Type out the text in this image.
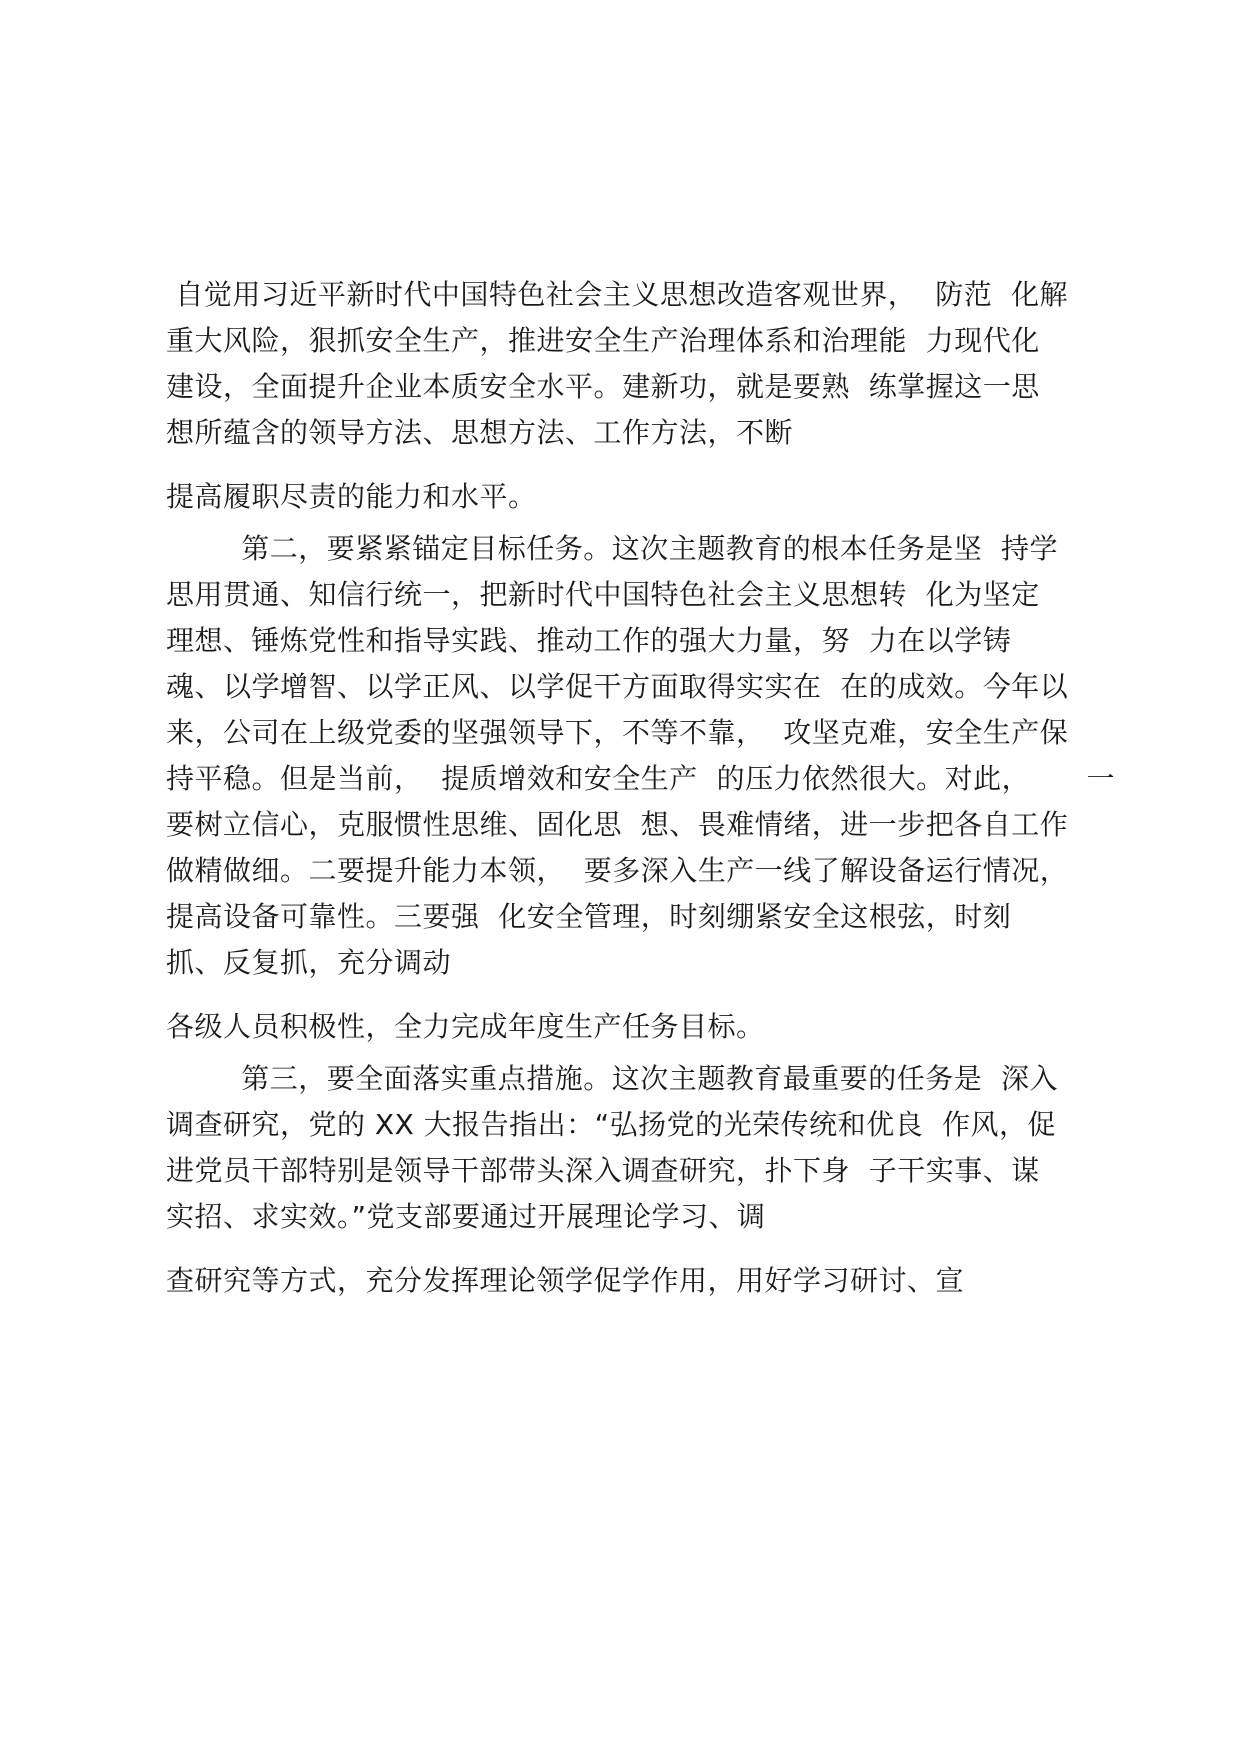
自觉用习近平新时代中国特色社会主义思想改造客观世界，  防范  化解
重大风险，狠抓安全生产，推进安全生产治理体系和治理能  力现代化
建设，全面提升企业本质安全水平。建新功，就是要熟  练掌握这一思
想所蕴含的领导方法、思想方法、工作方法，不断
提高履职尽责的能力和水平。
第二，要紧紧锚定目标任务。这次主题教育的根本任务是坚  持学
思用贯通、知信行统一，把新时代中国特色社会主义思想转  化为坚定
理想、锤炼党性和指导实践、推动工作的强大力量，努  力在以学铸
魂、以学增智、以学正风、以学促干方面取得实实在  在的成效。今年以
来，公司在上级党委的坚强领导下，不等不靠，  攻坚克难，安全生产保
持平稳。但是当前，  提质增效和安全生产  的压力依然很大。对此，      一
要树立信心，克服惯性思维、固化思  想、畏难情绪，进一步把各自工作
做精做细。二要提升能力本领，  要多深入生产一线了解设备运行情况，
提高设备可靠性。三要强  化安全管理，时刻绷紧安全这根弦，时刻
抓、反复抓，充分调动
各级人员积极性，全力完成年度生产任务目标。
第三，要全面落实重点措施。这次主题教育最重要的任务是  深入
调查研究，党的 XX 大报告指出：“弘扬党的光荣传统和优良  作风，促
进党员干部特别是领导干部带头深入调查研究，扑下身  子干实事、谋
实招、求实效。”党支部要通过开展理论学习、调
查研究等方式，充分发挥理论领学促学作用，用好学习研讨、宣
